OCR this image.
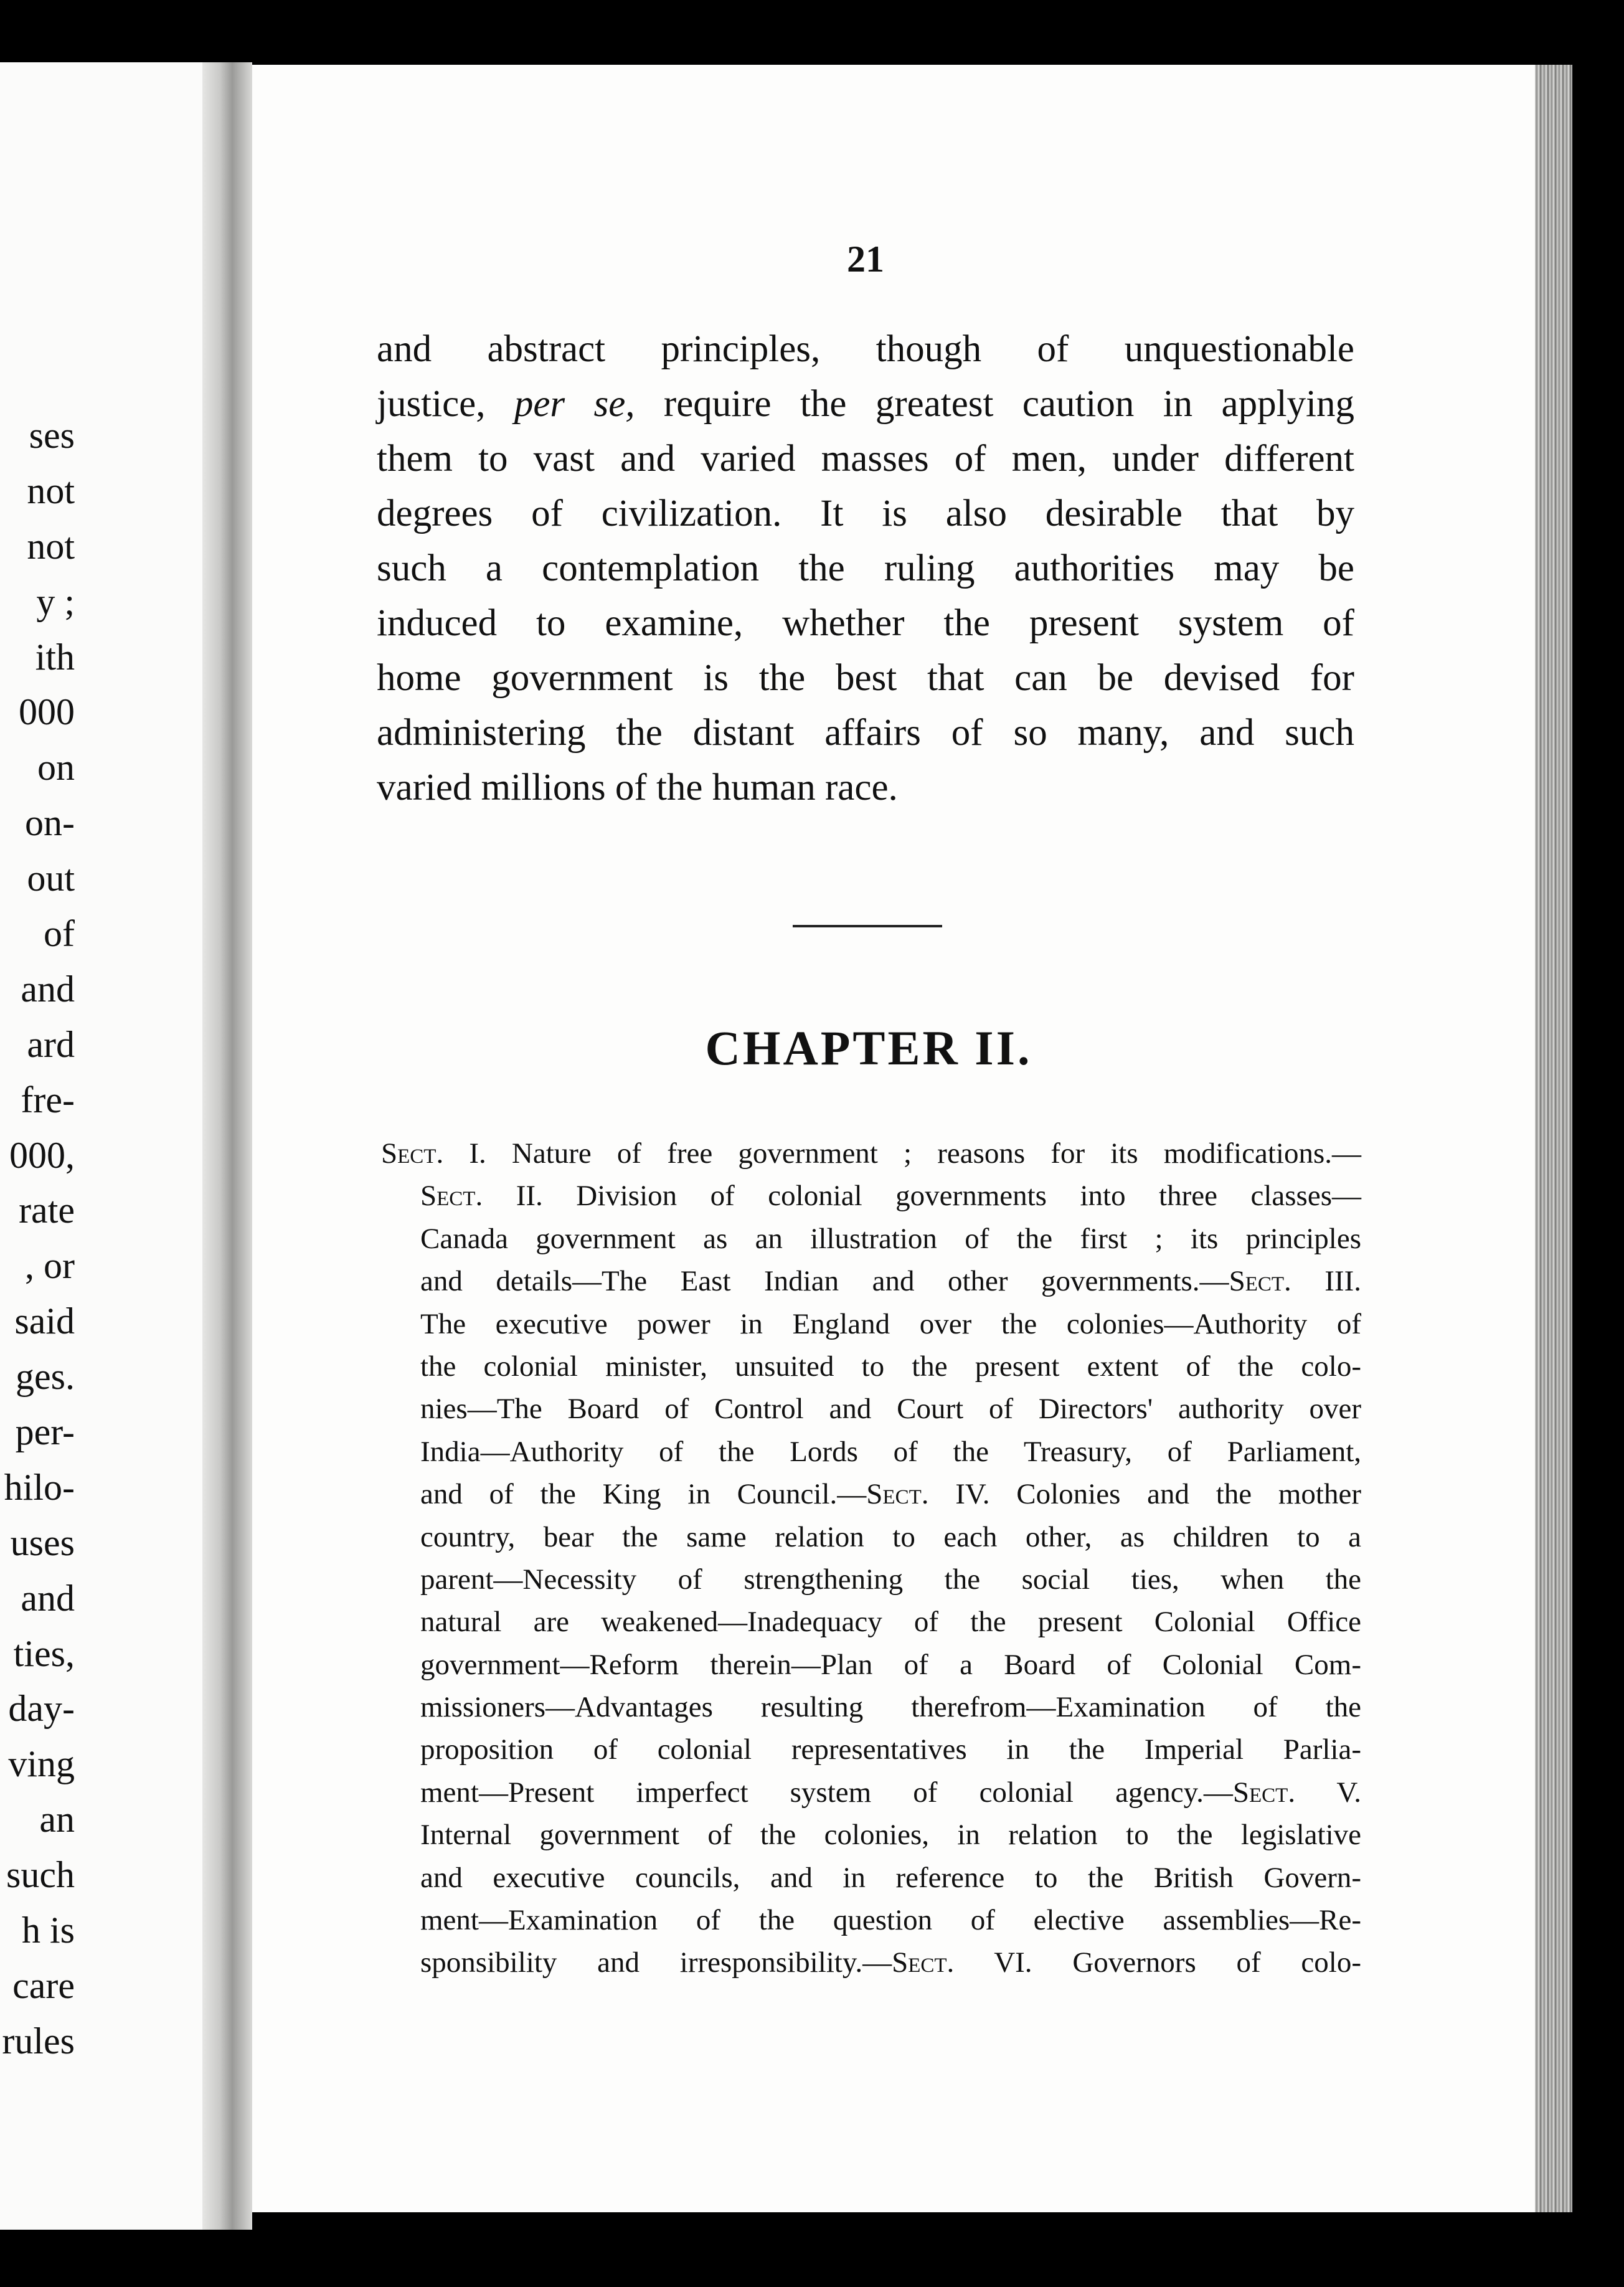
ses
not
not
y ;
ith
000
on
on-
out
of
and
ard
fre-
000,
rate
, or
said
ges.
per-
hilo-
uses
and
ties,
day-
ving
an
such
h is
care
rules
21
and abstract principles, though of unquestionable
justice, per se, require the greatest caution in applying
them to vast and varied masses of men, under different
degrees of civilization. It is also desirable that by
such a contemplation the ruling authorities may be
induced to examine, whether the present system of
home government is the best that can be devised for
administering the distant affairs of so many, and such
varied millions of the human race.
CHAPTER II.
Sect. I. Nature of free government ; reasons for its modifications.—
Sect. II. Division of colonial governments into three classes—
Canada government as an illustration of the first ; its principles
and details—The East Indian and other governments.—Sect. III.
The executive power in England over the colonies—Authority of
the colonial minister, unsuited to the present extent of the colo-
nies—The Board of Control and Court of Directors' authority over
India—Authority of the Lords of the Treasury, of Parliament,
and of the King in Council.—Sect. IV. Colonies and the mother
country, bear the same relation to each other, as children to a
parent—Necessity of strengthening the social ties, when the
natural are weakened—Inadequacy of the present Colonial Office
government—Reform therein—Plan of a Board of Colonial Com-
missioners—Advantages resulting therefrom—Examination of the
proposition of colonial representatives in the Imperial Parlia-
ment—Present imperfect system of colonial agency.—Sect. V.
Internal government of the colonies, in relation to the legislative
and executive councils, and in reference to the British Govern-
ment—Examination of the question of elective assemblies—Re-
sponsibility and irresponsibility.—Sect. VI. Governors of colo-
